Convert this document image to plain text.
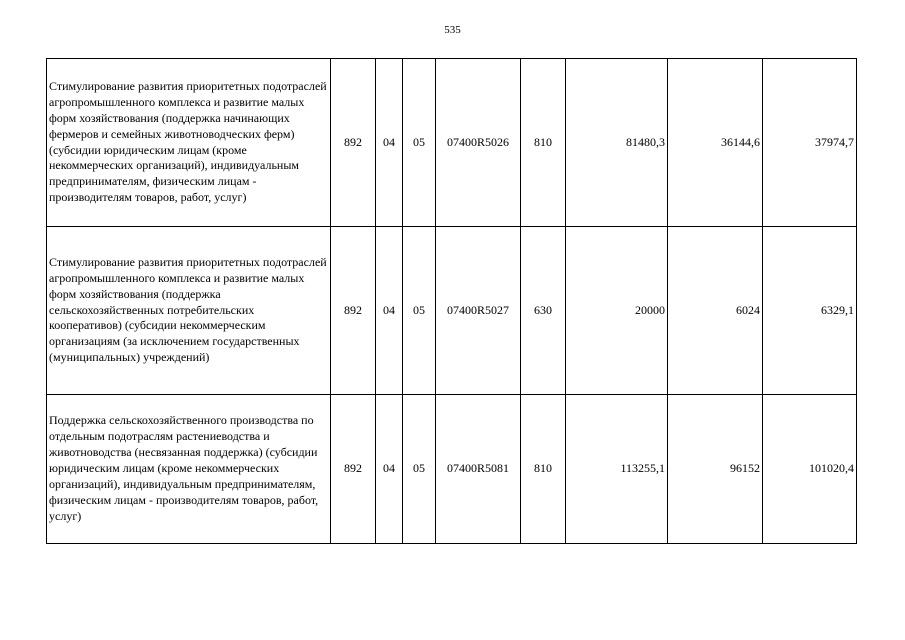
535
Стимулирование развития приоритетных подотраслей агропромышленного комплекса и развитие малых форм хозяйствования (поддержка начинающих фермеров и семейных животноводческих ферм) (субсидии юридическим лицам (кроме некоммерческих организаций), индивидуальным предпринимателям, физическим лицам - производителям товаров, работ, услуг)	892	04	05	07400R5026	810	81480,3	36144,6	37974,7
Стимулирование развития приоритетных подотраслей агропромышленного комплекса и развитие малых форм хозяйствования (поддержка сельскохозяйственных потребительских кооперативов) (субсидии некоммерческим организациям (за исключением государственных (муниципальных) учреждений)	892	04	05	07400R5027	630	20000	6024	6329,1
Поддержка сельскохозяйственного производства по отдельным подотраслям растениеводства и животноводства (несвязанная поддержка) (субсидии юридическим лицам (кроме некоммерческих организаций), индивидуальным предпринимателям, физическим лицам - производителям товаров, работ, услуг)	892	04	05	07400R5081	810	113255,1	96152	101020,4
